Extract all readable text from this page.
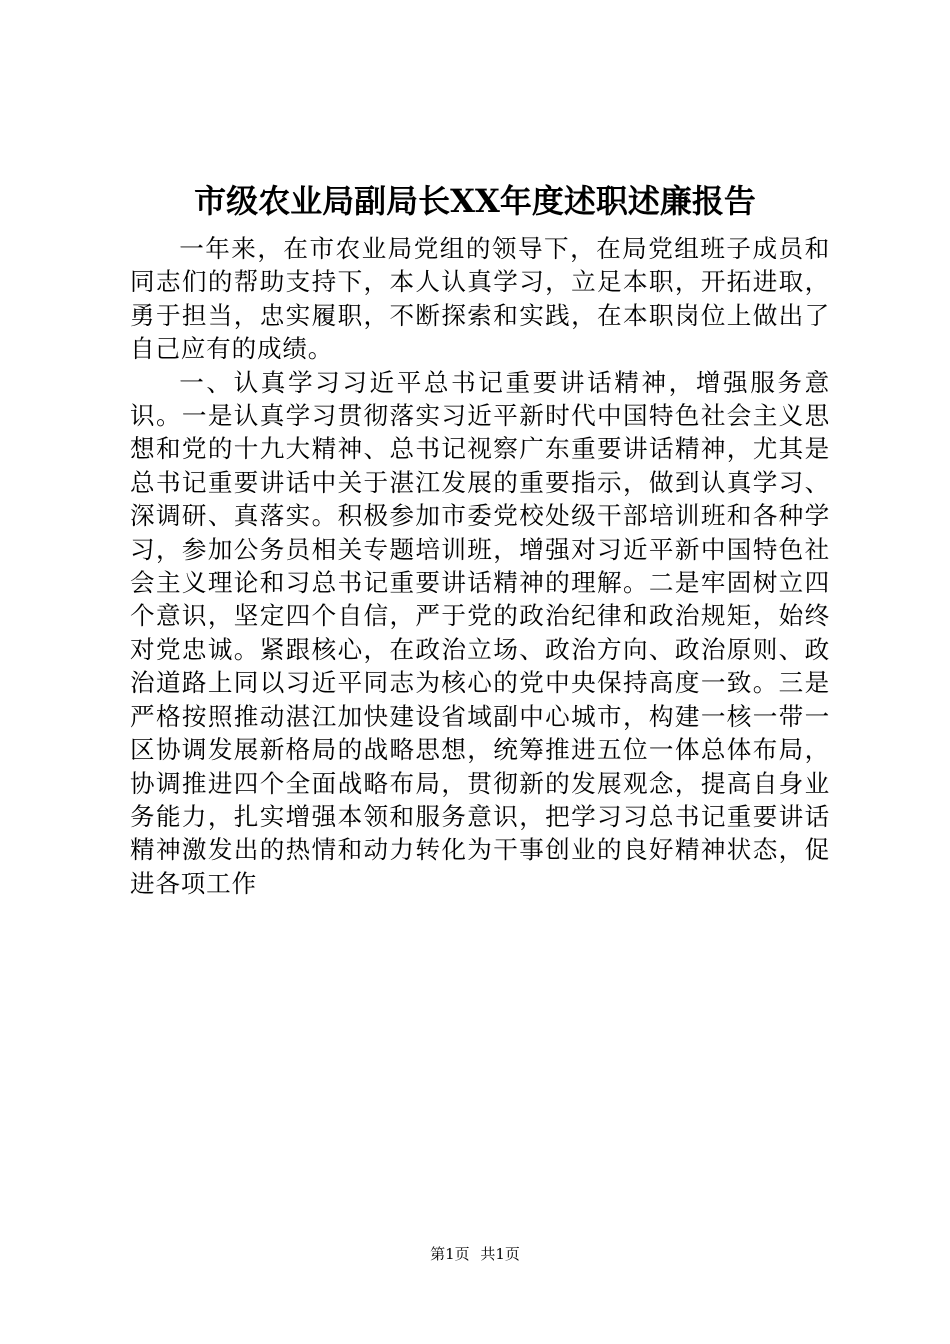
市级农业局副局长XX年度述职述廉报告

一年来，在市农业局党组的领导下，在局党组班子成员和同志们的帮助支持下，本人认真学习，立足本职，开拓进取，勇于担当，忠实履职，不断探索和实践，在本职岗位上做出了自己应有的成绩。

一、认真学习习近平总书记重要讲话精神，增强服务意识。一是认真学习贯彻落实习近平新时代中国特色社会主义思想和党的十九大精神、总书记视察广东重要讲话精神，尤其是总书记重要讲话中关于湛江发展的重要指示，做到认真学习、深调研、真落实。积极参加市委党校处级干部培训班和各种学习，参加公务员相关专题培训班，增强对习近平新中国特色社会主义理论和习总书记重要讲话精神的理解。二是牢固树立四个意识，坚定四个自信，严于党的政治纪律和政治规矩，始终对党忠诚。紧跟核心，在政治立场、政治方向、政治原则、政治道路上同以习近平同志为核心的党中央保持高度一致。三是严格按照推动湛江加快建设省域副中心城市，构建一核一带一区协调发展新格局的战略思想，统筹推进五位一体总体布局，协调推进四个全面战略布局，贯彻新的发展观念，提高自身业务能力，扎实增强本领和服务意识，把学习习总书记重要讲话精神激发出的热情和动力转化为干事创业的良好精神状态，促进各项工作

第1页 共1页
